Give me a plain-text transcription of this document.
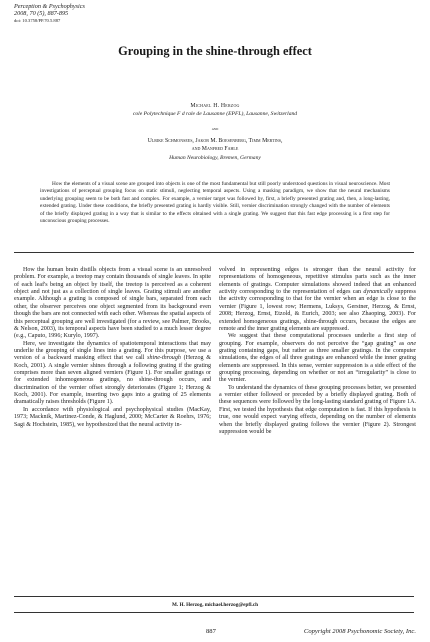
Perception & Psychophysics
2008, 70 (5), 887-895
doi: 10.3758/PP.70.5.887
Grouping in the shine-through effect
Michael H. Herzog
cole Polytechnique F d rale de Lausanne (EPFL), Lausanne, Switzerland
and
Ulrike Schmonsees, Jakob M. Boesenberg, Timm Mertins,
and Manfred Fahle
Human Neurobiology, Bremen, Germany
How the elements of a visual scene are grouped into objects is one of the most fundamental but still poorly understood questions in visual neuroscience. Most investigations of perceptual grouping focus on static stimuli, neglecting temporal aspects. Using a masking paradigm, we show that the neural mechanisms underlying grouping seem to be both fast and complex. For example, a vernier target was followed by, first, a briefly presented grating and, then, a long-lasting, extended grating. Under these conditions, the briefly presented grating is hardly visible. Still, vernier discrimination strongly changed with the number of elements of the briefly displayed grating in a way that is similar to the effects obtained with a single grating. We suggest that this fast edge processing is a first step for unconscious grouping processes.

How the human brain distills objects from a visual scene is an unresolved problem. For example, a treetop may contain thousands of single leaves. In spite of each leaf's being an object by itself, the treetop is perceived as a coherent object and not just as a collection of single leaves. Grating stimuli are another example. Although a grating is composed of single bars, separated from each other, the observer perceives one object segmented from its background even though the bars are not connected with each other. Whereas the spatial aspects of this perceptual grouping are well investigated (for a review, see Palmer, Brooks, & Nelson, 2003), its temporal aspects have been studied to a much lesser degree (e.g., Caputo, 1996; Kurylo, 1997).

Here, we investigate the dynamics of spatiotemporal interactions that may underlie the grouping of single lines into a grating. For this purpose, we use a version of a backward masking effect that we call shine-through (Herzog & Koch, 2001). A single vernier shines through a following grating if the grating comprises more than seven aligned verniers (Figure 1). For smaller gratings or for extended inhomogeneous gratings, no shine-through occurs, and discrimination of the vernier offset strongly deteriorates (Figure 1; Herzog & Koch, 2001). For example, inserting two gaps into a grating of 25 elements dramatically raises thresholds (Figure 1).

In accordance with physiological and psychophysical studies (MacKay, 1973; Macknik, Martinez-Conde, & Haglund, 2000; McCarter & Roehrs, 1976; Sagi & Hochstein, 1985), we hypothesized that the neural activity in-

volved in representing edges is stronger than the neural activity for representations of homogeneous, repetitive stimulus parts such as the inner elements of gratings. Computer simulations showed indeed that an enhanced activity corresponding to the representation of edges can dynamically suppress the activity corresponding to that for the vernier when an edge is close to the vernier (Figure 1, lowest row; Hermens, Luksys, Gerstner, Herzog, & Ernst, 2008; Herzog, Ernst, Etzold, & Eurich, 2003; see also Zhaoping, 2003). For extended homogeneous gratings, shine-through occurs, because the edges are remote and the inner grating elements are suppressed.

We suggest that these computational processes underlie a first step of grouping. For example, observers do not perceive the “gap grating” as one grating containing gaps, but rather as three smaller gratings. In the computer simulations, the edges of all three gratings are enhanced while the inner grating elements are suppressed. In this sense, vernier suppression is a side effect of the grouping processing, depending on whether or not an “irregularity” is close to the vernier.

To understand the dynamics of these grouping processes better, we presented a vernier either followed or preceded by a briefly displayed grating. Both of these sequences were followed by the long-lasting standard grating of Figure 1A. First, we tested the hypothesis that edge computation is fast. If this hypothesis is true, one would expect varying effects, depending on the number of elements when the briefly displayed grating follows the vernier (Figure 2). Strongest suppression would be

M. H. Herzog, michael.herzog@epfl.ch
887	Copyright 2008 Psychonomic Society, Inc.
